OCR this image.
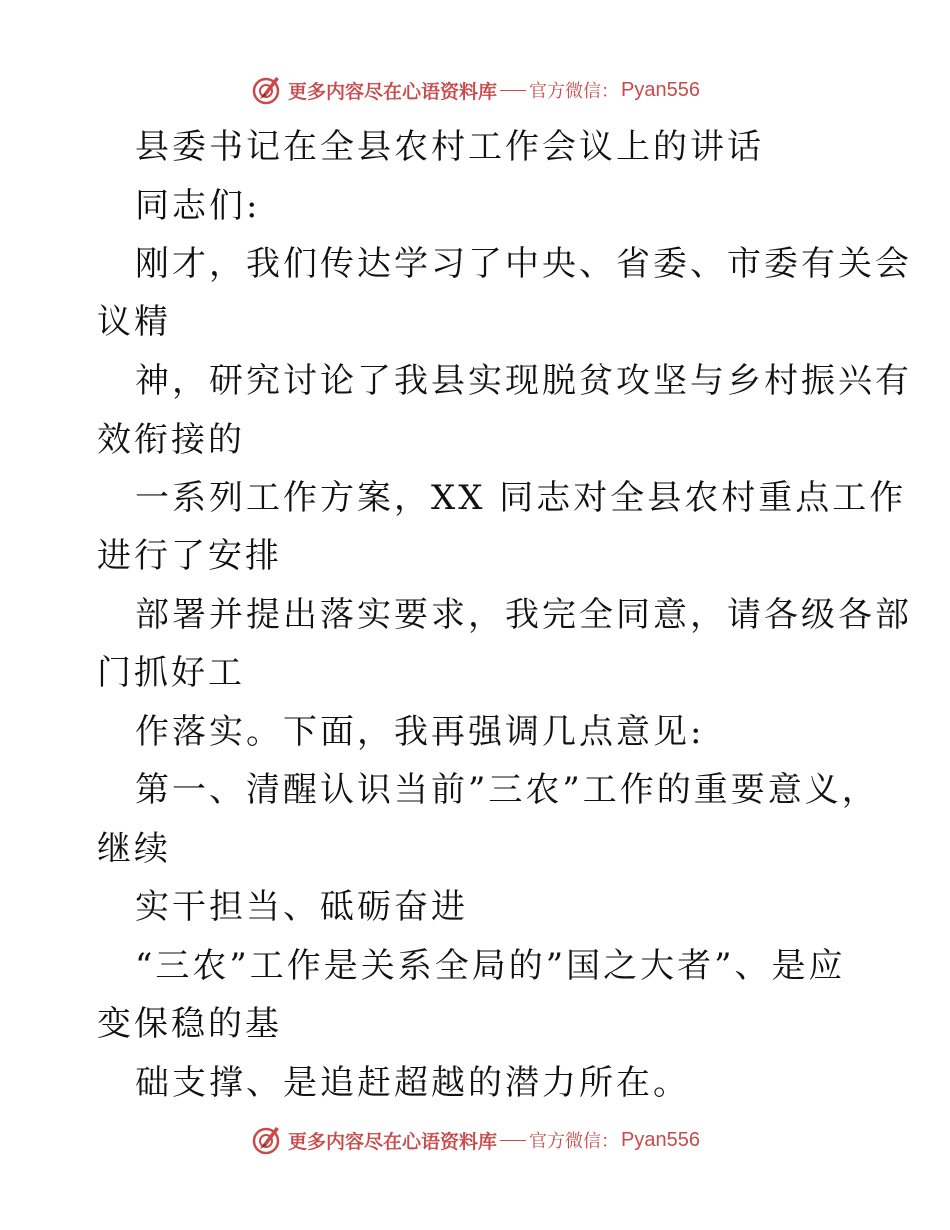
更多内容尽在心语资料库 官方微信： Pyan556
县委书记在全县农村工作会议上的讲话
同志们:
刚才，我们传达学习了中央、省委、市委有关会
议精
神，研究讨论了我县实现脱贫攻坚与乡村振兴有
效衔接的
一系列工作方案，XX 同志对全县农村重点工作
进行了安排
部署并提出落实要求，我完全同意，请各级各部
门抓好工
作落实。下面，我再强调几点意见:
第一、清醒认识当前”三农”工作的重要意义，
继续
实干担当、砥砺奋进
“三农”工作是关系全局的”国之大者”、是应
变保稳的基
础支撑、是追赶超越的潜力所在。
更多内容尽在心语资料库 官方微信： Pyan556
